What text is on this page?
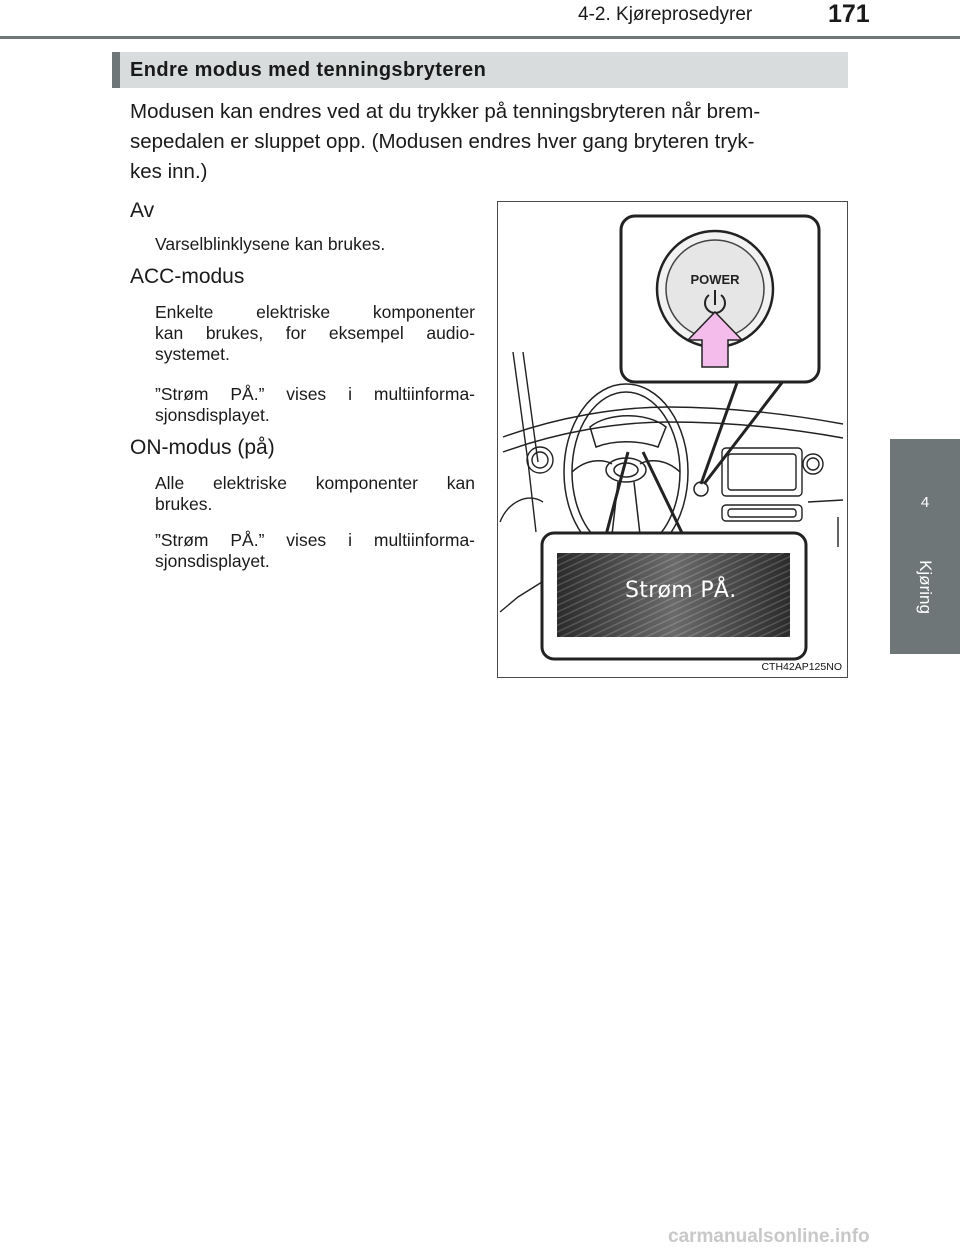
4-2. Kjøreprosedyrer	171
4
Kjøring
Endre modus med tenningsbryteren
Modusen kan endres ved at du trykker på tenningsbryteren når brem-
sepedalen er sluppet opp. (Modusen endres hver gang bryteren tryk-
kes inn.)
Av
Varselblinklysene kan brukes.
ACC-modus
Enkelte elektriske komponenter
kan brukes, for eksempel audio-
systemet.
”Strøm PÅ.” vises i multiinforma-
sjonsdisplayet.
ON-modus (på)
Alle elektriske komponenter kan
brukes.
”Strøm PÅ.” vises i multiinforma-
sjonsdisplayet.
POWER
Strøm PÅ.
CTH42AP125NO
carmanualsonline.info
